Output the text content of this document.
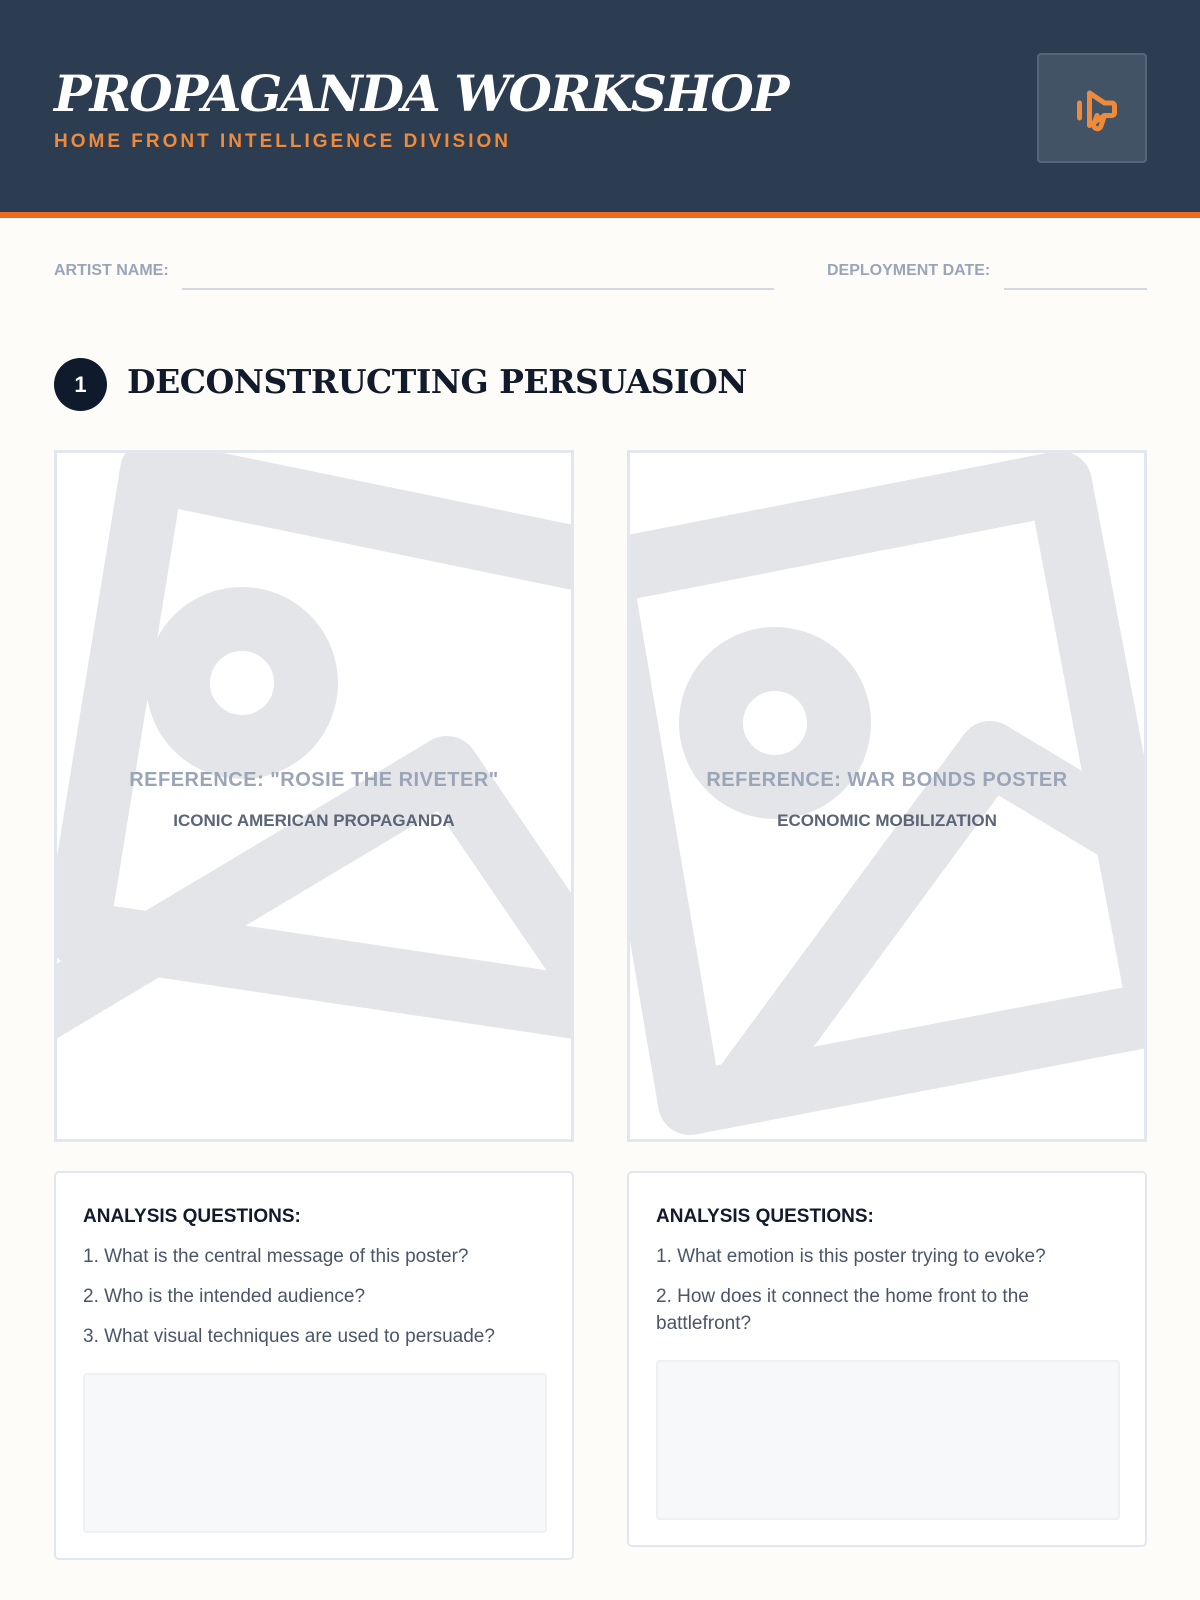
PROPAGANDA WORKSHOP
HOME FRONT INTELLIGENCE DIVISION
ARTIST NAME:	DEPLOYMENT DATE:
1	DECONSTRUCTING PERSUASION
REFERENCE: "ROSIE THE RIVETER"
ICONIC AMERICAN PROPAGANDA
REFERENCE: WAR BONDS POSTER
ECONOMIC MOBILIZATION
ANALYSIS QUESTIONS:
1. What is the central message of this poster?
2. Who is the intended audience?
3. What visual techniques are used to persuade?
ANALYSIS QUESTIONS:
1. What emotion is this poster trying to evoke?
2. How does it connect the home front to the battlefront?
